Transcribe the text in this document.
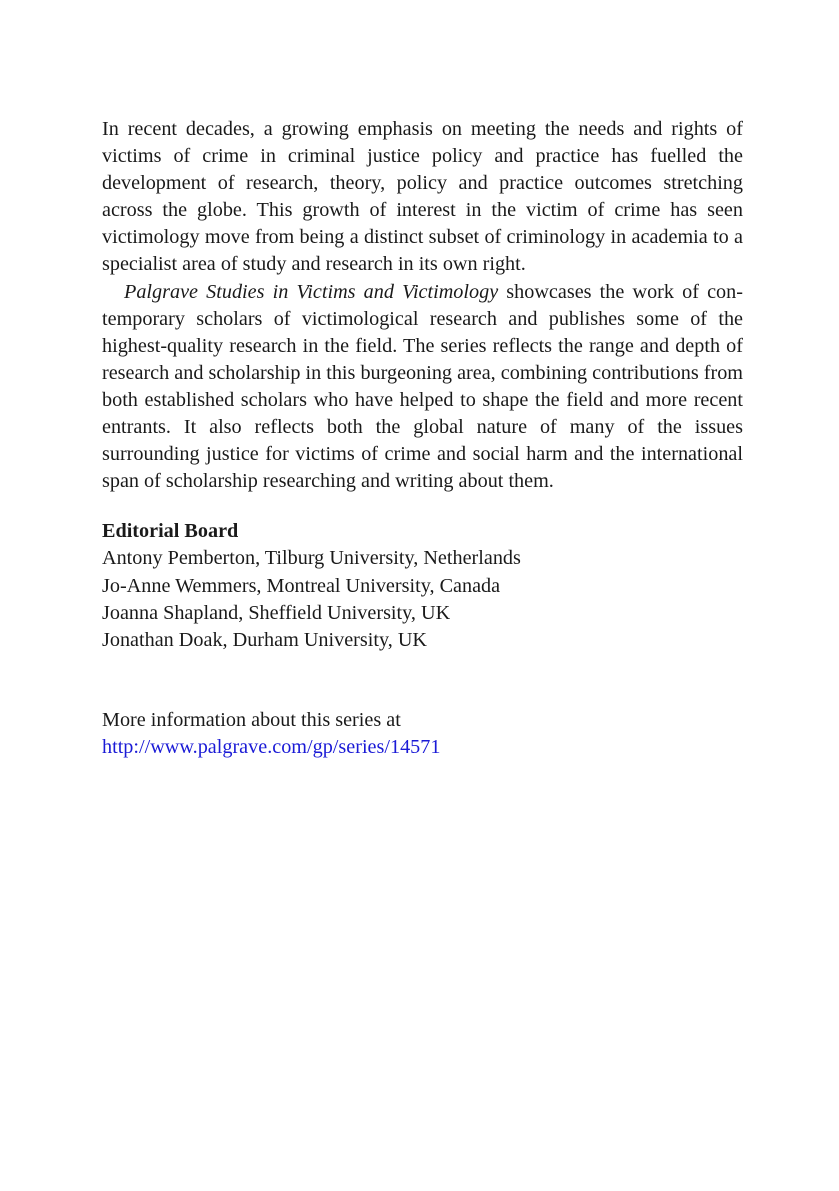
In recent decades, a growing emphasis on meeting the needs and rights of victims of crime in criminal justice policy and practice has fuelled the development of research, theory, policy and practice outcomes stretching across the globe. This growth of interest in the victim of crime has seen victimology move from being a distinct subset of criminology in academia to a specialist area of study and research in its own right.

Palgrave Studies in Victims and Victimology showcases the work of contemporary scholars of victimological research and publishes some of the highest-quality research in the field. The series reflects the range and depth of research and scholarship in this burgeoning area, combining contributions from both established scholars who have helped to shape the field and more recent entrants. It also reflects both the global nature of many of the issues surrounding justice for victims of crime and social harm and the international span of scholarship researching and writing about them.

Editorial Board

Antony Pemberton, Tilburg University, Netherlands

Jo-Anne Wemmers, Montreal University, Canada

Joanna Shapland, Sheffield University, UK

Jonathan Doak, Durham University, UK

More information about this series at

http://www.palgrave.com/gp/series/14571
